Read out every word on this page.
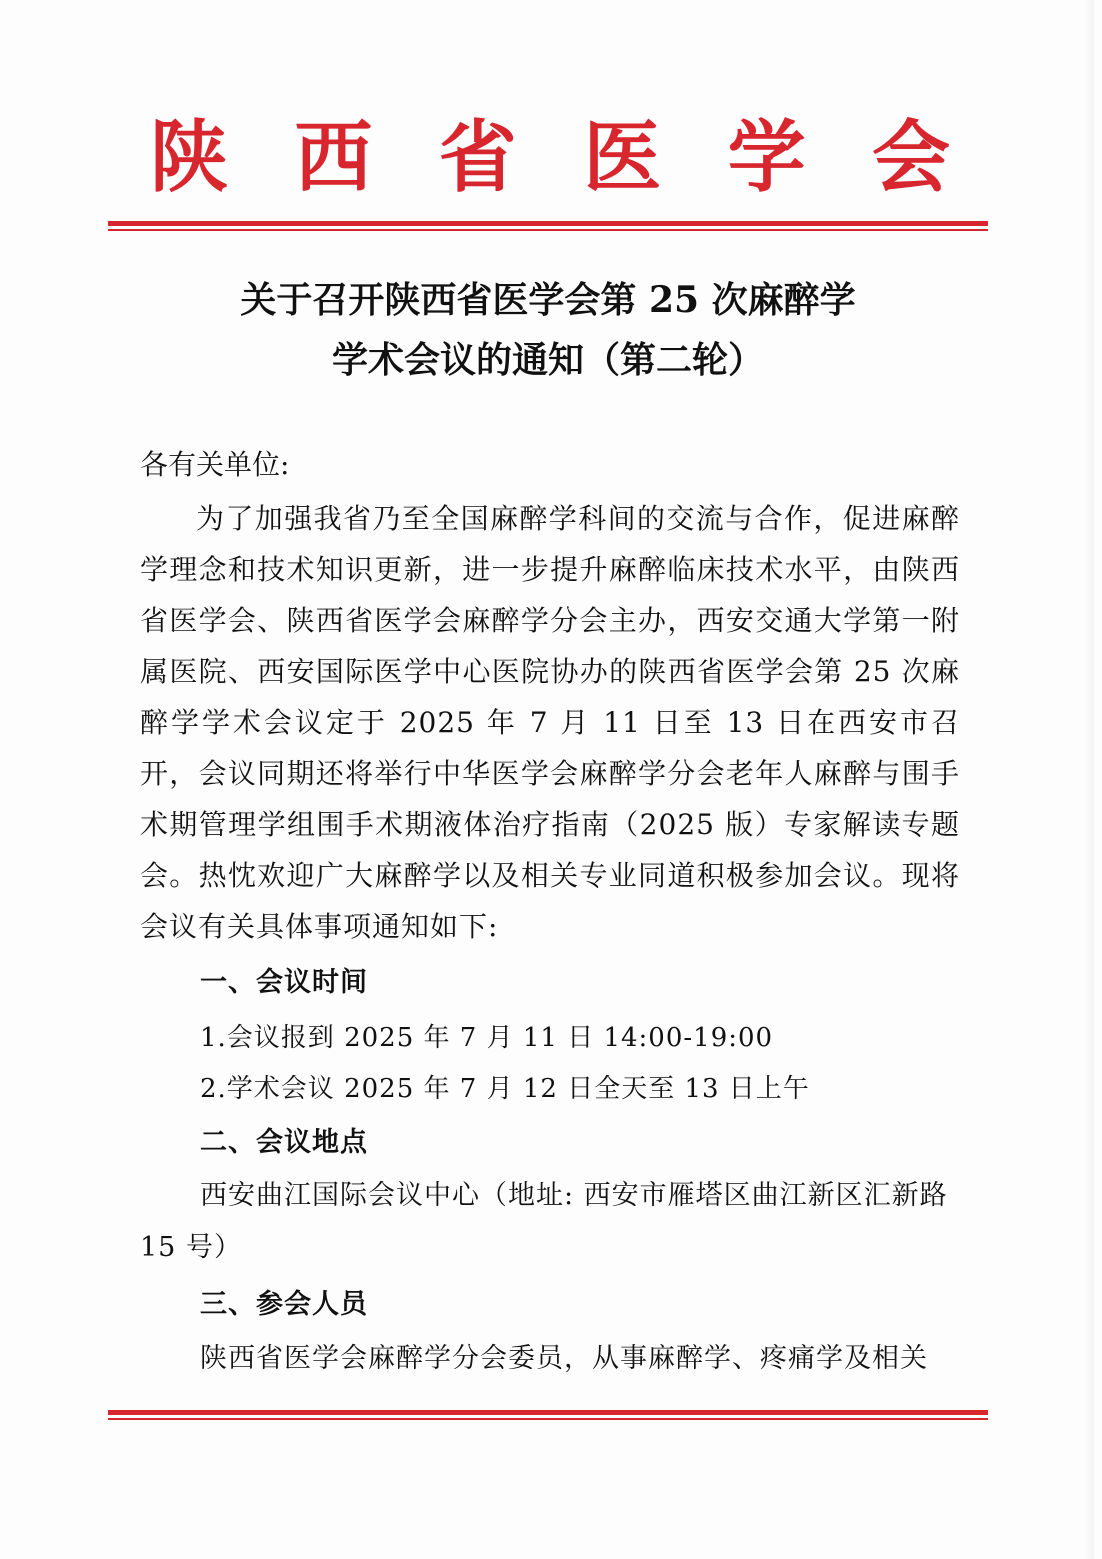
陕 西 省 医 学 会
关于召开陕西省医学会第 25 次麻醉学
学术会议的通知（第二轮）
各有关单位:
为了加强我省乃至全国麻醉学科间的交流与合作，促进麻醉学理念和技术知识更新，进一步提升麻醉临床技术水平，由陕西省医学会、陕西省医学会麻醉学分会主办，西安交通大学第一附属医院、西安国际医学中心医院协办的陕西省医学会第 25 次麻醉学学术会议定于 2025 年 7 月 11 日至 13 日在西安市召开，会议同期还将举行中华医学会麻醉学分会老年人麻醉与围手术期管理学组围手术期液体治疗指南（2025 版）专家解读专题会。热忱欢迎广大麻醉学以及相关专业同道积极参加会议。现将会议有关具体事项通知如下:
一、会议时间
1.会议报到 2025 年 7 月 11 日 14:00-19:00
2.学术会议 2025 年 7 月 12 日全天至 13 日上午
二、会议地点
西安曲江国际会议中心（地址: 西安市雁塔区曲江新区汇新路 15 号）
三、参会人员
陕西省医学会麻醉学分会委员，从事麻醉学、疼痛学及相关
